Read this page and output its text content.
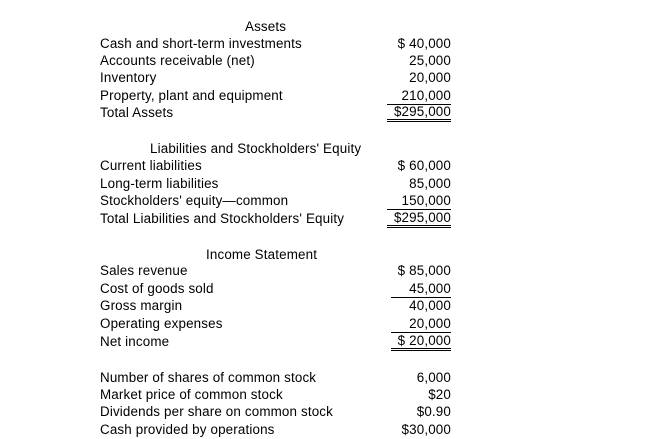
Assets
Cash and short-term investments	$ 40,000
Accounts receivable (net)	25,000
Inventory	20,000
Property, plant and equipment	210,000
Total Assets	$295,000
Liabilities and Stockholders' Equity
Current liabilities	$ 60,000
Long-term liabilities	85,000
Stockholders' equity—common	150,000
Total Liabilities and Stockholders' Equity	$295,000
Income Statement
Sales revenue	$ 85,000
Cost of goods sold	45,000
Gross margin	40,000
Operating expenses	20,000
Net income	$ 20,000
Number of shares of common stock	6,000
Market price of common stock	$20
Dividends per share on common stock	$0.90
Cash provided by operations	$30,000
